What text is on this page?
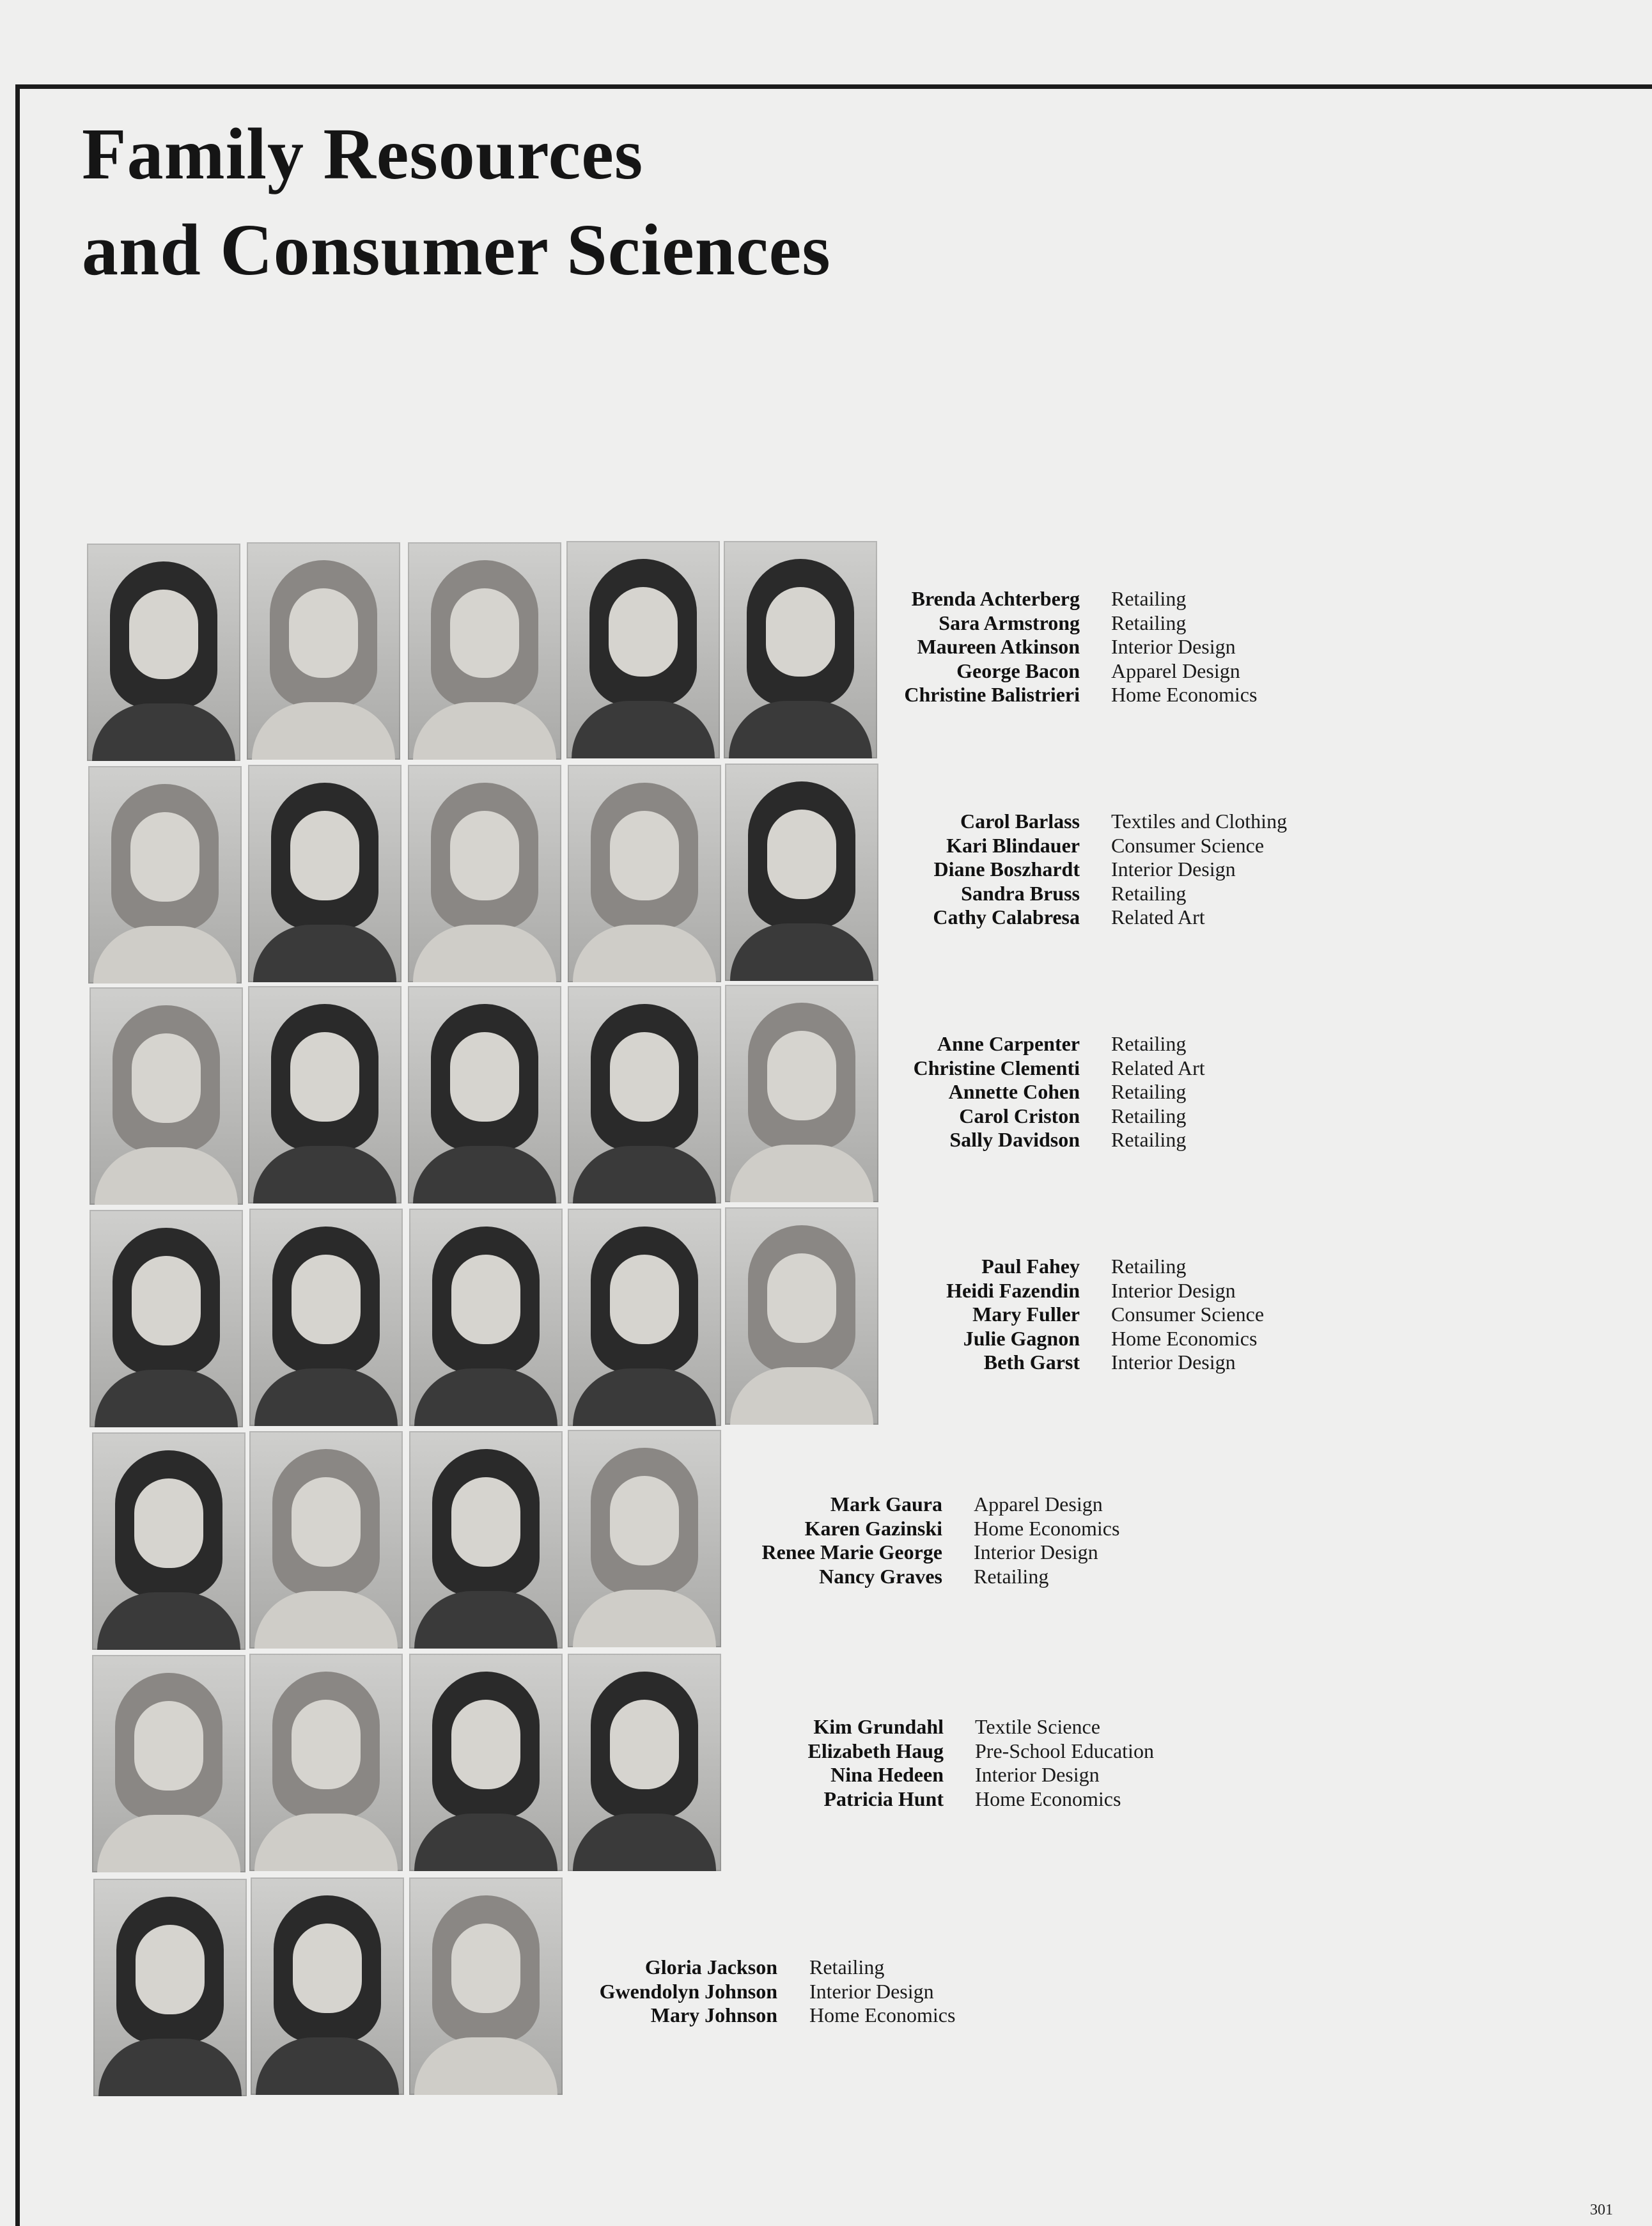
Family Resources
and Consumer Sciences
Brenda Achterberg
Sara Armstrong
Maureen Atkinson
George Bacon
Christine Balistrieri
Retailing
Retailing
Interior Design
Apparel Design
Home Economics
Carol Barlass
Kari Blindauer
Diane Boszhardt
Sandra Bruss
Cathy Calabresa
Textiles and Clothing
Consumer Science
Interior Design
Retailing
Related Art
Anne Carpenter
Christine Clementi
Annette Cohen
Carol Criston
Sally Davidson
Retailing
Related Art
Retailing
Retailing
Retailing
Paul Fahey
Heidi Fazendin
Mary Fuller
Julie Gagnon
Beth Garst
Retailing
Interior Design
Consumer Science
Home Economics
Interior Design
Mark Gaura
Karen Gazinski
Renee Marie George
Nancy Graves
Apparel Design
Home Economics
Interior Design
Retailing
Kim Grundahl
Elizabeth Haug
Nina Hedeen
Patricia Hunt
Textile Science
Pre-School Education
Interior Design
Home Economics
Gloria Jackson
Gwendolyn Johnson
Mary Johnson
Retailing
Interior Design
Home Economics
301
